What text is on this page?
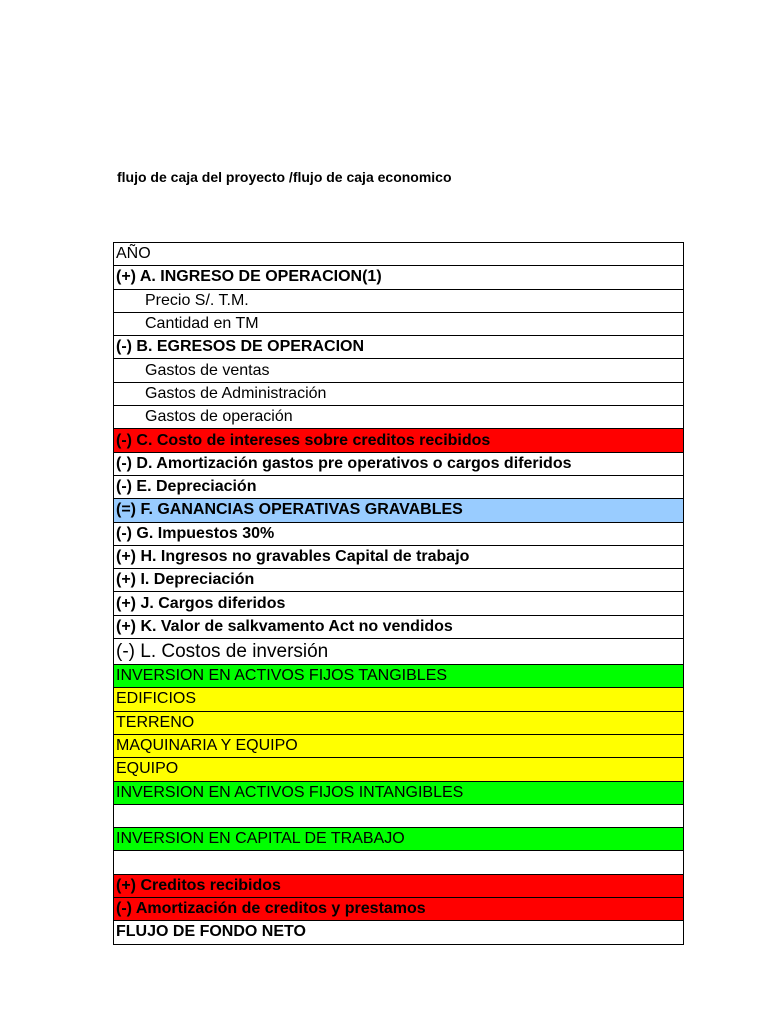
flujo de caja del proyecto /flujo de caja economico
AÑO
(+) A. INGRESO DE OPERACION(1)
Precio S/. T.M.
Cantidad en TM
(-) B. EGRESOS DE OPERACION
Gastos de ventas
Gastos de Administración
Gastos de operación
(-) C. Costo de intereses sobre creditos recibidos
(-) D. Amortización gastos pre operativos o cargos diferidos
(-) E. Depreciación
(=) F. GANANCIAS OPERATIVAS GRAVABLES
(-) G. Impuestos 30%
(+) H. Ingresos no gravables Capital de trabajo
(+) I. Depreciación
(+) J. Cargos diferidos
(+) K. Valor de salkvamento Act no vendidos
(-) L. Costos de inversión
INVERSION EN ACTIVOS FIJOS TANGIBLES
EDIFICIOS
TERRENO
MAQUINARIA Y EQUIPO
EQUIPO
INVERSION EN ACTIVOS FIJOS INTANGIBLES

INVERSION EN CAPITAL DE TRABAJO

(+) Creditos recibidos
(-) Amortización de creditos y prestamos
FLUJO DE FONDO NETO
